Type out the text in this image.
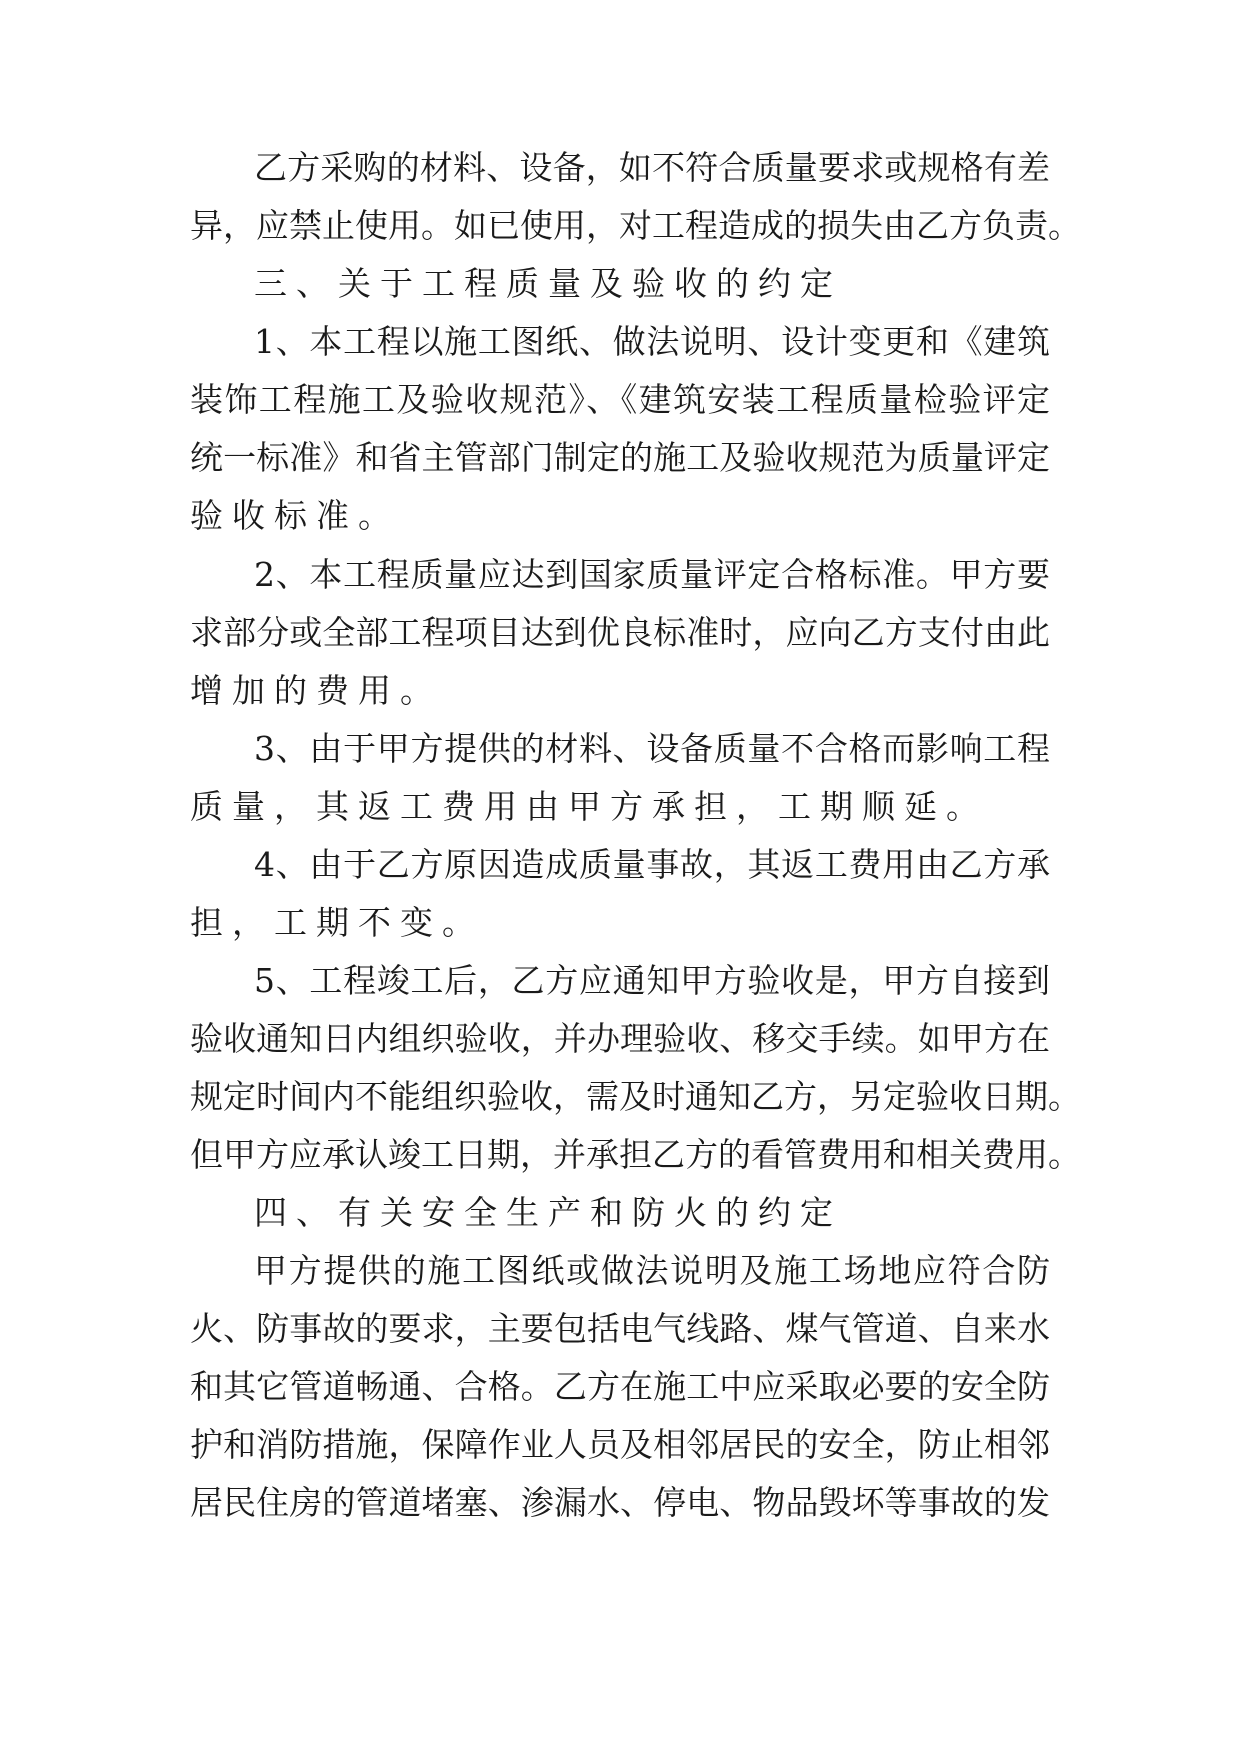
乙方采购的材料、设备，如不符合质量要求或规格有差
异，应禁止使用。如已使用，对工程造成的损失由乙方负责。
三、关于工程质量及验收的约定
1、本工程以施工图纸、做法说明、设计变更和《建筑
装饰工程施工及验收规范》、《建筑安装工程质量检验评定
统一标准》和省主管部门制定的施工及验收规范为质量评定
验收标准。
2、本工程质量应达到国家质量评定合格标准。甲方要
求部分或全部工程项目达到优良标准时，应向乙方支付由此
增加的费用。
3、由于甲方提供的材料、设备质量不合格而影响工程
质量，其返工费用由甲方承担，工期顺延。
4、由于乙方原因造成质量事故，其返工费用由乙方承
担，工期不变。
5、工程竣工后，乙方应通知甲方验收是，甲方自接到
验收通知日内组织验收，并办理验收、移交手续。如甲方在
规定时间内不能组织验收，需及时通知乙方，另定验收日期。
但甲方应承认竣工日期，并承担乙方的看管费用和相关费用。
四、有关安全生产和防火的约定
甲方提供的施工图纸或做法说明及施工场地应符合防
火、防事故的要求，主要包括电气线路、煤气管道、自来水
和其它管道畅通、合格。乙方在施工中应采取必要的安全防
护和消防措施，保障作业人员及相邻居民的安全，防止相邻
居民住房的管道堵塞、渗漏水、停电、物品毁坏等事故的发
